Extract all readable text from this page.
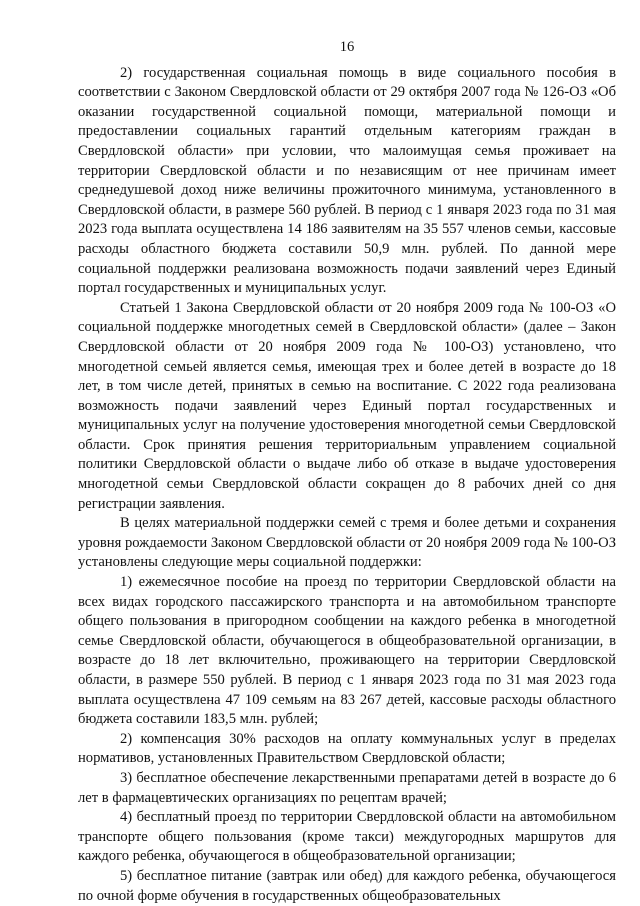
16

2) государственная социальная помощь в виде социального пособия в соответствии с Законом Свердловской области от 29 октября 2007 года № 126-ОЗ «Об оказании государственной социальной помощи, материальной помощи и предоставлении социальных гарантий отдельным категориям граждан в Свердловской области» при условии, что малоимущая семья проживает на территории Свердловской области и по независящим от нее причинам имеет среднедушевой доход ниже величины прожиточного минимума, установленного в Свердловской области, в размере 560 рублей. В период с 1 января 2023 года по 31 мая 2023 года выплата осуществлена 14 186 заявителям на 35 557 членов семьи, кассовые расходы областного бюджета составили 50,9 млн. рублей. По данной мере социальной поддержки реализована возможность подачи заявлений через Единый портал государственных и муниципальных услуг.

Статьей 1 Закона Свердловской области от 20 ноября 2009 года № 100-ОЗ «О социальной поддержке многодетных семей в Свердловской области» (далее – Закон Свердловской области от 20 ноября 2009 года № 100-ОЗ) установлено, что многодетной семьей является семья, имеющая трех и более детей в возрасте до 18 лет, в том числе детей, принятых в семью на воспитание. С 2022 года реализована возможность подачи заявлений через Единый портал государственных и муниципальных услуг на получение удостоверения многодетной семьи Свердловской области. Срок принятия решения территориальным управлением социальной политики Свердловской области о выдаче либо об отказе в выдаче удостоверения многодетной семьи Свердловской области сокращен до 8 рабочих дней со дня регистрации заявления.

В целях материальной поддержки семей с тремя и более детьми и сохранения уровня рождаемости Законом Свердловской области от 20 ноября 2009 года № 100-ОЗ установлены следующие меры социальной поддержки:

1) ежемесячное пособие на проезд по территории Свердловской области на всех видах городского пассажирского транспорта и на автомобильном транспорте общего пользования в пригородном сообщении на каждого ребенка в многодетной семье Свердловской области, обучающегося в общеобразовательной организации, в возрасте до 18 лет включительно, проживающего на территории Свердловской области, в размере 550 рублей. В период с 1 января 2023 года по 31 мая 2023 года выплата осуществлена 47 109 семьям на 83 267 детей, кассовые расходы областного бюджета составили 183,5 млн. рублей;

2) компенсация 30% расходов на оплату коммунальных услуг в пределах нормативов, установленных Правительством Свердловской области;

3) бесплатное обеспечение лекарственными препаратами детей в возрасте до 6 лет в фармацевтических организациях по рецептам врачей;

4) бесплатный проезд по территории Свердловской области на автомобильном транспорте общего пользования (кроме такси) междугородных маршрутов для каждого ребенка, обучающегося в общеобразовательной организации;

5) бесплатное питание (завтрак или обед) для каждого ребенка, обучающегося по очной форме обучения в государственных общеобразовательных
